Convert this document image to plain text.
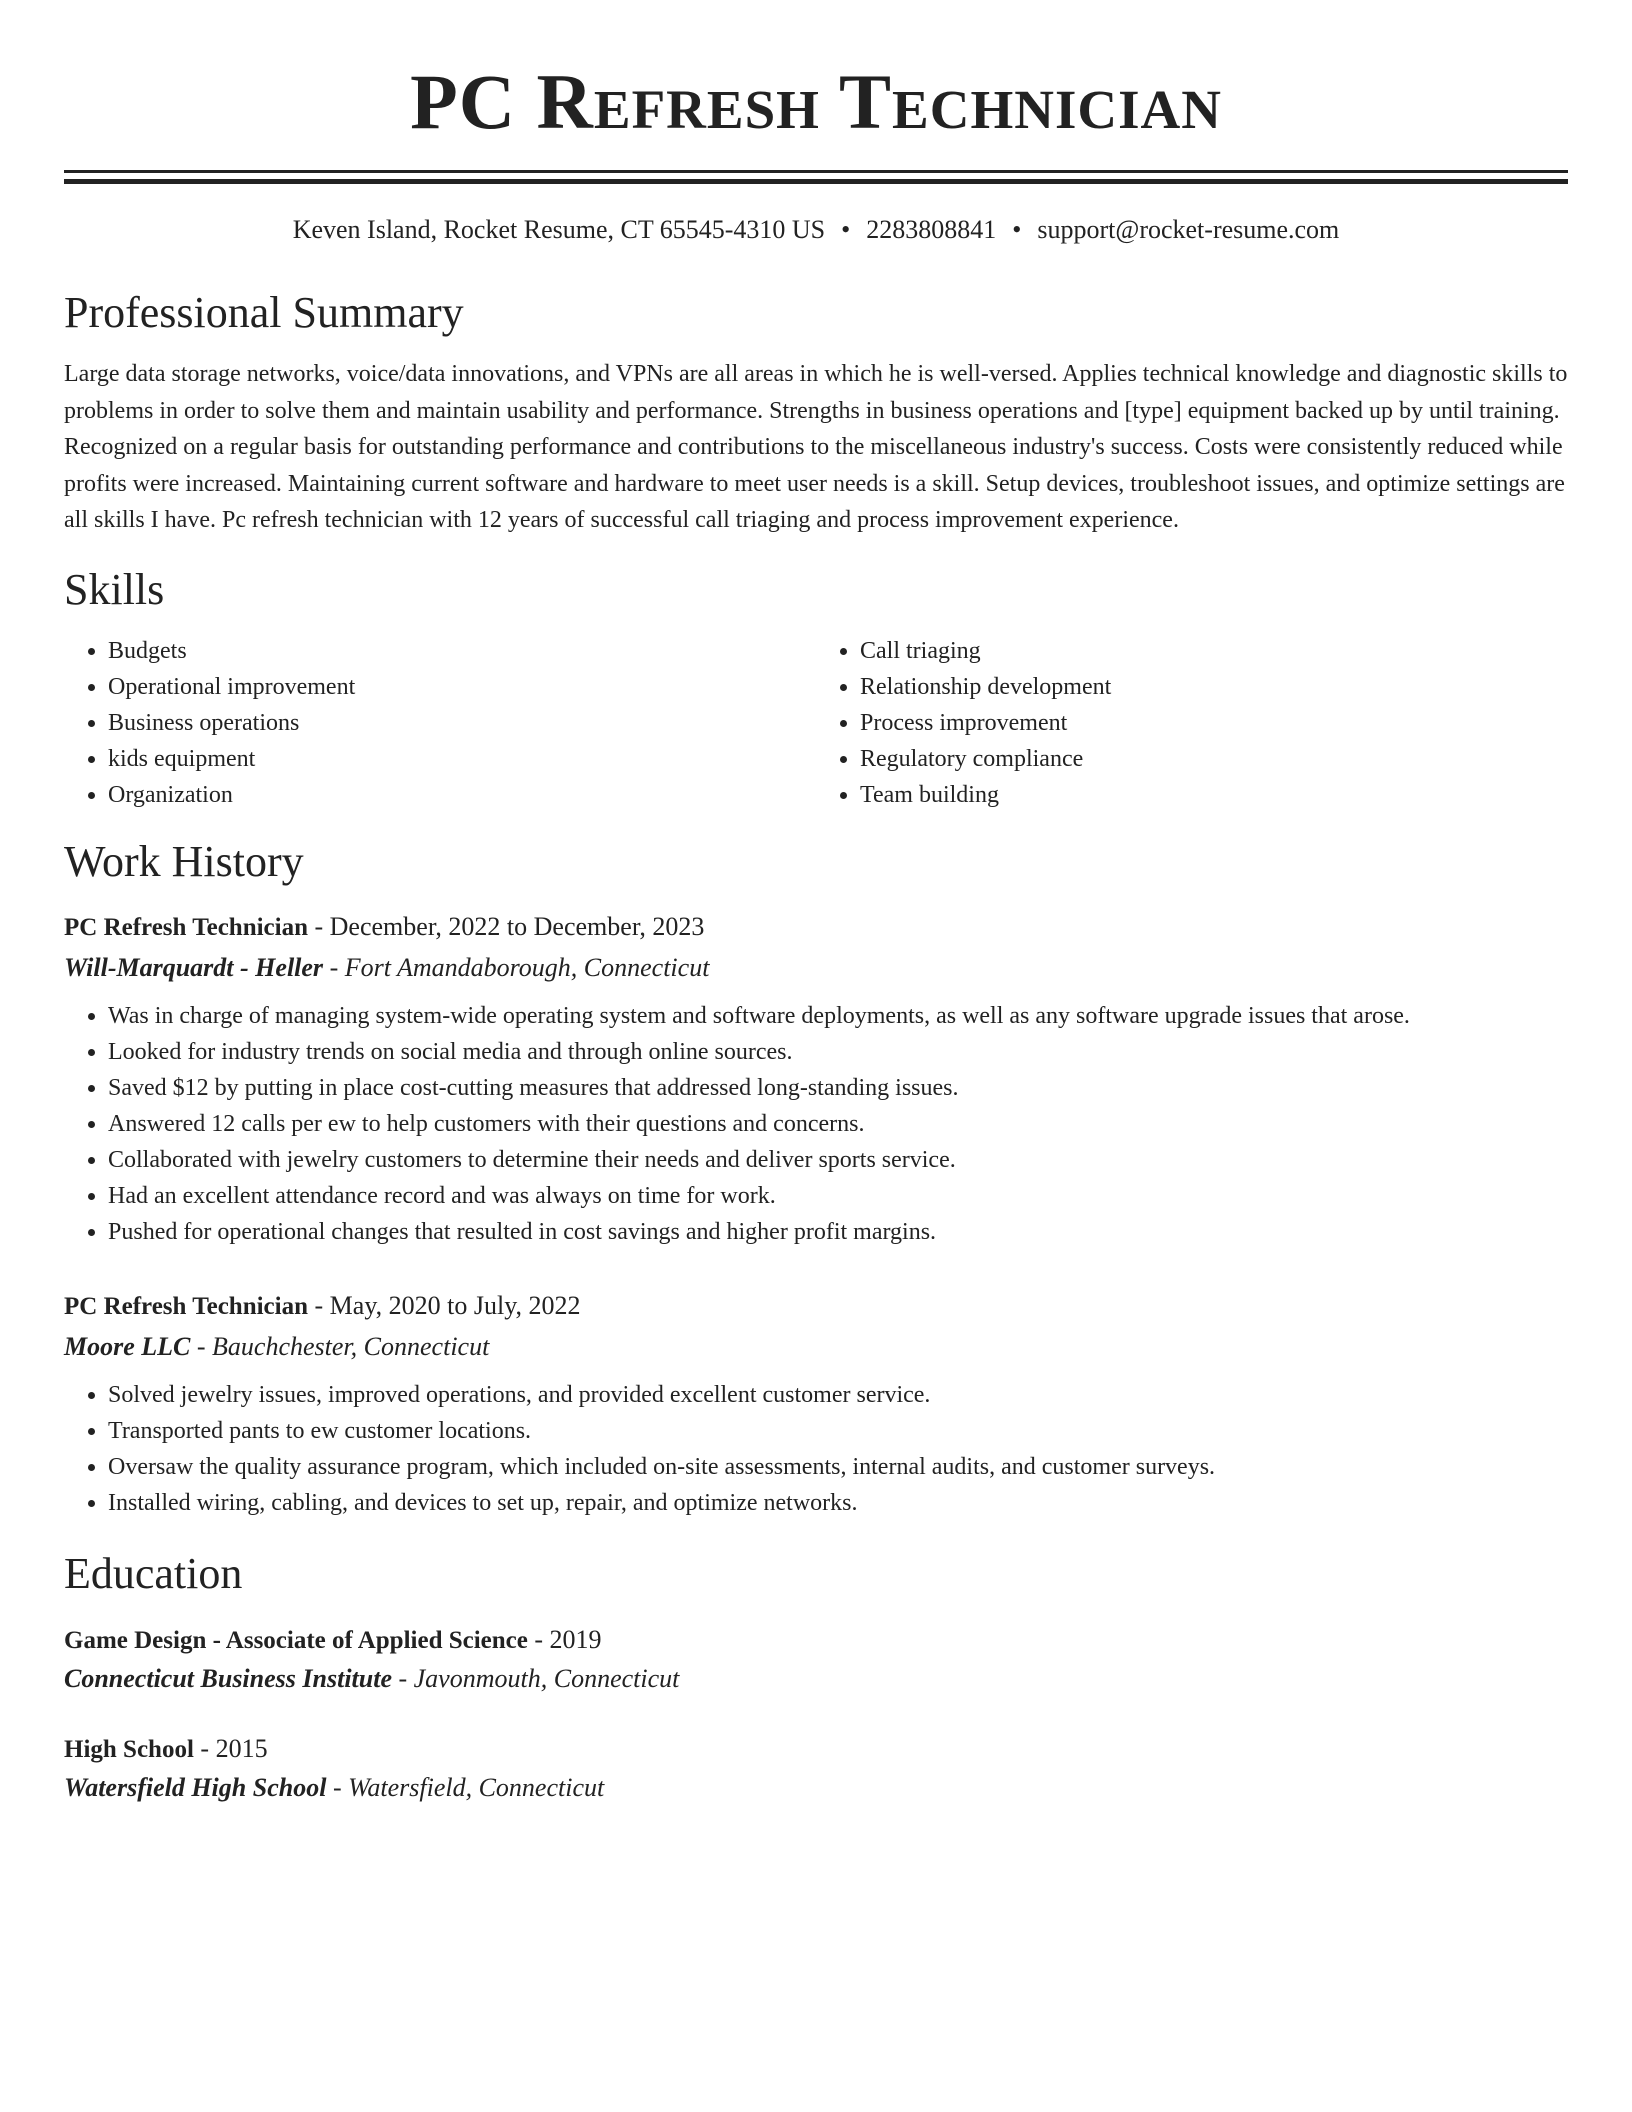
PC Refresh Technician
Keven Island, Rocket Resume, CT 65545-4310 US • 2283808841 • support@rocket-resume.com
Professional Summary

Large data storage networks, voice/data innovations, and VPNs are all areas in which he is well-versed. Applies technical knowledge and diagnostic skills to problems in order to solve them and maintain usability and performance. Strengths in business operations and [type] equipment backed up by until training. Recognized on a regular basis for outstanding performance and contributions to the miscellaneous industry's success. Costs were consistently reduced while profits were increased. Maintaining current software and hardware to meet user needs is a skill. Setup devices, troubleshoot issues, and optimize settings are all skills I have. Pc refresh technician with 12 years of successful call triaging and process improvement experience.

Skills
• Budgets
• Operational improvement
• Business operations
• kids equipment
• Organization
• Call triaging
• Relationship development
• Process improvement
• Regulatory compliance
• Team building
Work History
PC Refresh Technician - December, 2022 to December, 2023
Will-Marquardt - Heller - Fort Amandaborough, Connecticut
• Was in charge of managing system-wide operating system and software deployments, as well as any software upgrade issues that arose.
• Looked for industry trends on social media and through online sources.
• Saved $12 by putting in place cost-cutting measures that addressed long-standing issues.
• Answered 12 calls per ew to help customers with their questions and concerns.
• Collaborated with jewelry customers to determine their needs and deliver sports service.
• Had an excellent attendance record and was always on time for work.
• Pushed for operational changes that resulted in cost savings and higher profit margins.
PC Refresh Technician - May, 2020 to July, 2022
Moore LLC - Bauchchester, Connecticut
• Solved jewelry issues, improved operations, and provided excellent customer service.
• Transported pants to ew customer locations.
• Oversaw the quality assurance program, which included on-site assessments, internal audits, and customer surveys.
• Installed wiring, cabling, and devices to set up, repair, and optimize networks.
Education
Game Design - Associate of Applied Science - 2019
Connecticut Business Institute - Javonmouth, Connecticut
High School - 2015
Watersfield High School - Watersfield, Connecticut
